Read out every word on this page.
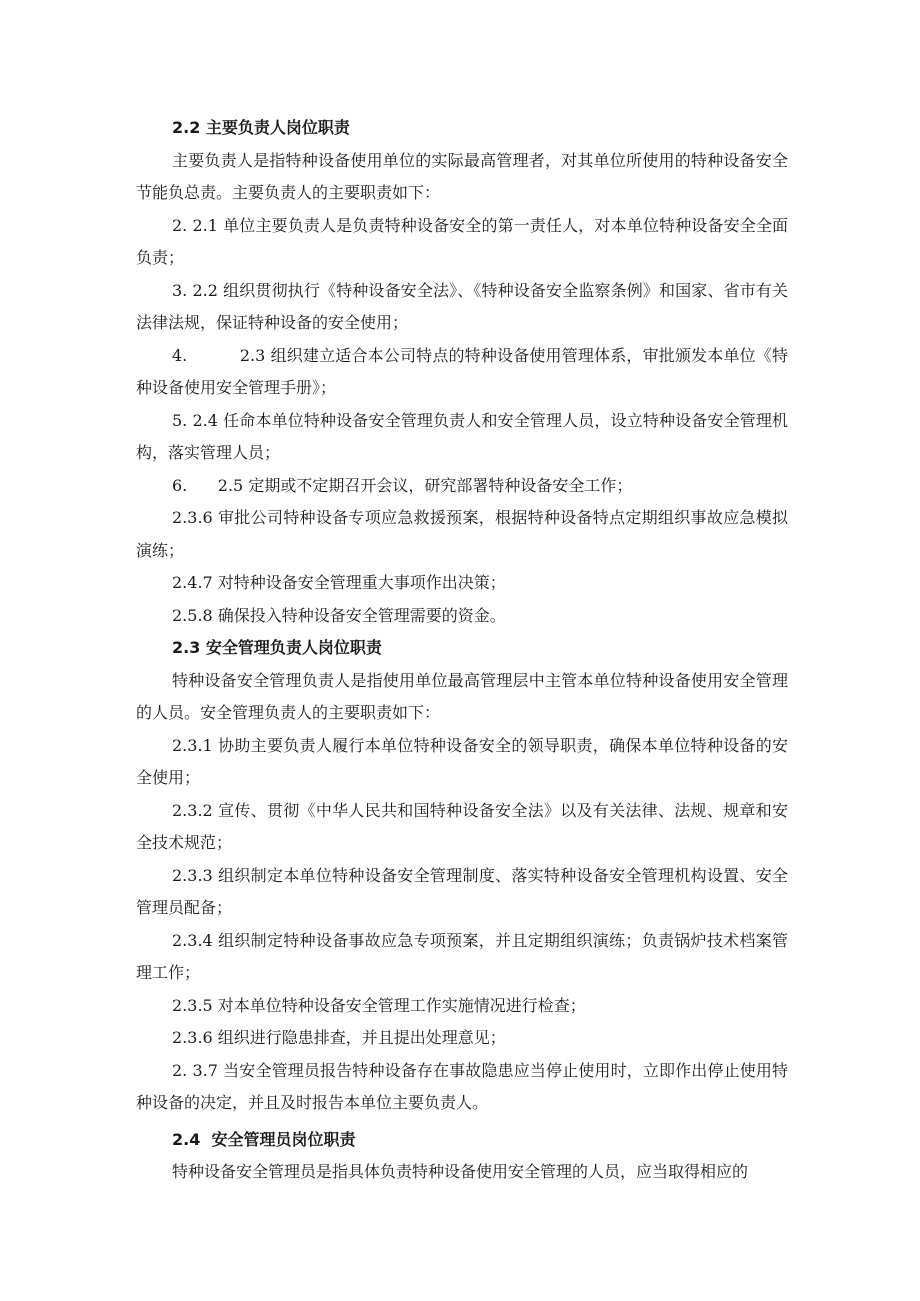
2.2 主要负责人岗位职责

主要负责人是指特种设备使用单位的实际最高管理者，对其单位所使用的特种设备安全节能负总责。主要负责人的主要职责如下：

2. 2.1 单位主要负责人是负责特种设备安全的第一责任人，对本单位特种设备安全全面负责；

3. 2.2 组织贯彻执行《特种设备安全法》、《特种设备安全监察条例》和国家、省市有关法律法规，保证特种设备的安全使用；

4.          2.3 组织建立适合本公司特点的特种设备使用管理体系，审批颁发本单位《特种设备使用安全管理手册》；

5. 2.4 任命本单位特种设备安全管理负责人和安全管理人员，设立特种设备安全管理机构，落实管理人员；

6.      2.5 定期或不定期召开会议，研究部署特种设备安全工作；

2.3.6 审批公司特种设备专项应急救援预案，根据特种设备特点定期组织事故应急模拟演练；

2.4.7 对特种设备安全管理重大事项作出决策；

2.5.8 确保投入特种设备安全管理需要的资金。

2.3 安全管理负责人岗位职责

特种设备安全管理负责人是指使用单位最高管理层中主管本单位特种设备使用安全管理的人员。安全管理负责人的主要职责如下：

2.3.1 协助主要负责人履行本单位特种设备安全的领导职责，确保本单位特种设备的安全使用；

2.3.2 宣传、贯彻《中华人民共和国特种设备安全法》以及有关法律、法规、规章和安全技术规范；

2.3.3 组织制定本单位特种设备安全管理制度、落实特种设备安全管理机构设置、安全管理员配备；

2.3.4 组织制定特种设备事故应急专项预案，并且定期组织演练；负责锅炉技术档案管理工作；

2.3.5 对本单位特种设备安全管理工作实施情况进行检查；

2.3.6 组织进行隐患排查，并且提出处理意见；

2. 3.7 当安全管理员报告特种设备存在事故隐患应当停止使用时，立即作出停止使用特种设备的决定，并且及时报告本单位主要负责人。

2.4  安全管理员岗位职责

特种设备安全管理员是指具体负责特种设备使用安全管理的人员，应当取得相应的
